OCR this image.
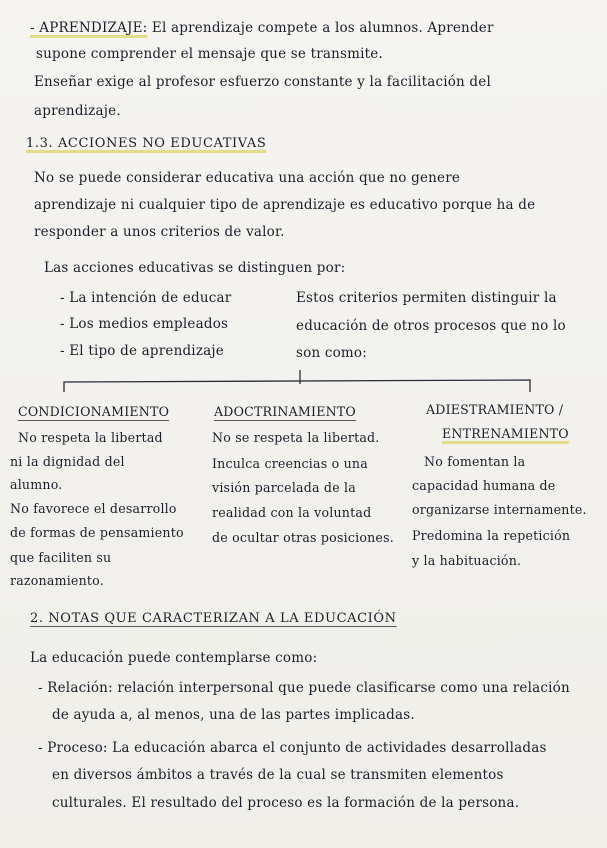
- APRENDIZAJE: El aprendizaje compete a los alumnos. Aprender
supone comprender el mensaje que se transmite.
Enseñar exige al profesor esfuerzo constante y la facilitación del
aprendizaje.
1.3. ACCIONES NO EDUCATIVAS
No se puede considerar educativa una acción que no genere
aprendizaje ni cualquier tipo de aprendizaje es educativo porque ha de
responder a unos criterios de valor.
Las acciones educativas se distinguen por:
- La intención de educar
- Los medios empleados
- El tipo de aprendizaje
Estos criterios permiten distinguir la
educación de otros procesos que no lo
son como:
CONDICIONAMIENTO
No respeta la libertad
ni la dignidad del
alumno.
No favorece el desarrollo
de formas de pensamiento
que faciliten su
razonamiento.
ADOCTRINAMIENTO
No se respeta la libertad.
Inculca creencias o una
visión parcelada de la
realidad con la voluntad
de ocultar otras posiciones.
ADIESTRAMIENTO /
ENTRENAMIENTO
No fomentan la
capacidad humana de
organizarse internamente.
Predomina la repetición
y la habituación.
2. NOTAS QUE CARACTERIZAN A LA EDUCACIÓN
La educación puede contemplarse como:
- Relación: relación interpersonal que puede clasificarse como una relación
de ayuda a, al menos, una de las partes implicadas.
- Proceso: La educación abarca el conjunto de actividades desarrolladas
en diversos ámbitos a través de la cual se transmiten elementos
culturales. El resultado del proceso es la formación de la persona.
